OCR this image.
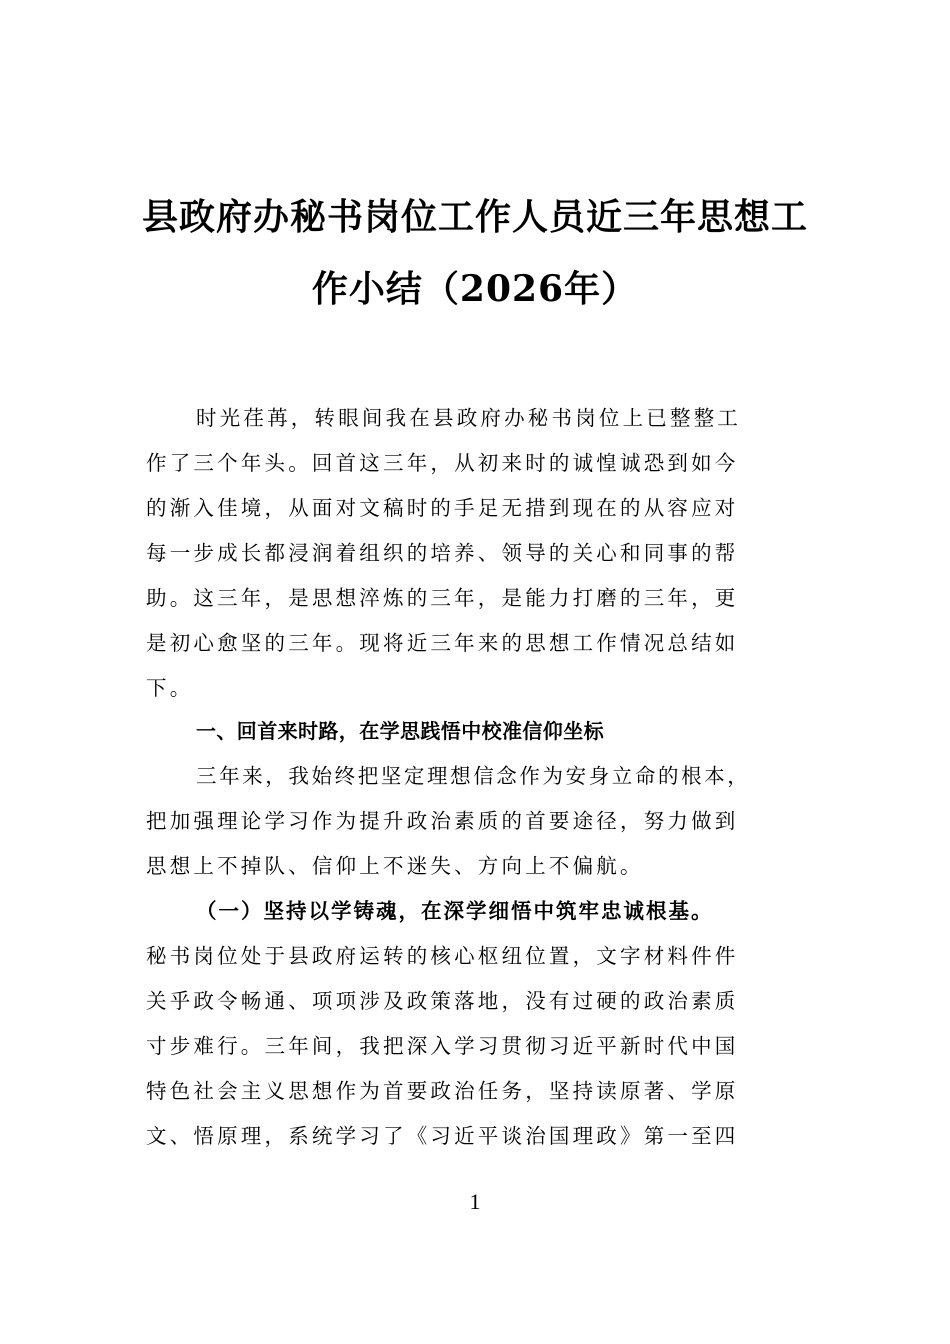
县政府办秘书岗位工作人员近三年思想工
作小结（2026年）
时光荏苒，转眼间我在县政府办秘书岗位上已整整工
作了三个年头。回首这三年，从初来时的诚惶诚恐到如今
的渐入佳境，从面对文稿时的手足无措到现在的从容应对
每一步成长都浸润着组织的培养、领导的关心和同事的帮
助。这三年，是思想淬炼的三年，是能力打磨的三年，更
是初心愈坚的三年。现将近三年来的思想工作情况总结如
下。
一、回首来时路，在学思践悟中校准信仰坐标
三年来，我始终把坚定理想信念作为安身立命的根本，
把加强理论学习作为提升政治素质的首要途径，努力做到
思想上不掉队、信仰上不迷失、方向上不偏航。
（一）坚持以学铸魂，在深学细悟中筑牢忠诚根基。
秘书岗位处于县政府运转的核心枢纽位置，文字材料件件
关乎政令畅通、项项涉及政策落地，没有过硬的政治素质
寸步难行。三年间，我把深入学习贯彻习近平新时代中国
特色社会主义思想作为首要政治任务，坚持读原著、学原
文、悟原理，系统学习了《习近平谈治国理政》第一至四
1
